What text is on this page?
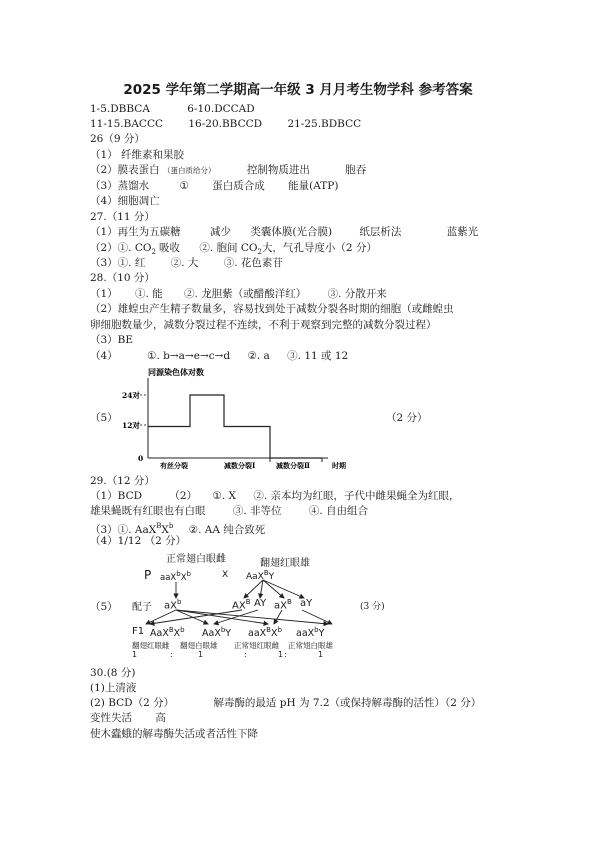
2025 学年第二学期高一年级 3 月月考生物学科 参考答案
1-5.DBBCA	6-10.DCCAD
11-15.BACCC 16-20.BBCCD 21-25.BDBCC
26（9 分）
（1） 纤维素和果胶
（2）膜表蛋白 （蛋白质给分）	控制物质进出	胞吞
（3）蒸馏水	① 蛋白质合成 能量(ATP)
（4）细胞凋亡
27.（11 分）
（1）再生为五碳糖	减少 类囊体膜(光合膜)	纸层析法	蓝紫光
（2）①. $CO_2$ 吸收 ②. 胞间 $CO_2$大，气孔导度小（2 分）
（3）①. 红 ②. 大 ③. 花色素苷
28.（10 分）
（1） ①. 能 ②. 龙胆紫（或醋酸洋红） ③. 分散开来
（2）雄蝗虫产生精子数量多，容易找到处于减数分裂各时期的细胞（或雌蝗虫
卵细胞数量少，减数分裂过程不连续，不利于观察到完整的减数分裂过程）
（3）BE
（4）	①. b→a→e→c→d ②. a ③. 11 或 12
（5）	（2 分）
同源染色体对数
24对
12对
0
有丝分裂	减数分裂Ⅰ	减数分裂Ⅱ	时期
29.（12 分）
（1）BCD	（2） ①. X ②. 亲本均为红眼，子代中雌果蝇全为红眼，
雄果蝇既有红眼也有白眼	③. 非等位	④. 自由组合
（3）①. $AaX^BX^b$ ②. AA 纯合致死
（4）1/12 （2 分）
（5）	(3 分)
正常翅白眼雌	翻翅红眼雄
P $aaX^bX^b$	X AaX$^B$Y
配子 $aX^b$	$AX^B$ AY $aX^B$ aY
F1 $AaX^BX^b$ AaX$^b$Y $aaX^BX^b$ aaX$^b$Y
翻翅红眼雌 翻翅白眼雄 正常翅红眼雌 正常翅白眼雄
1	:	1	:	1 :	1
30.(8 分)
(1)上清液
(2) BCD（2 分）	解毒酶的最适 pH 为 7.2（或保持解毒酶的活性）（2 分）
变性失活 高
使木蠹蛾的解毒酶失活或者活性下降
